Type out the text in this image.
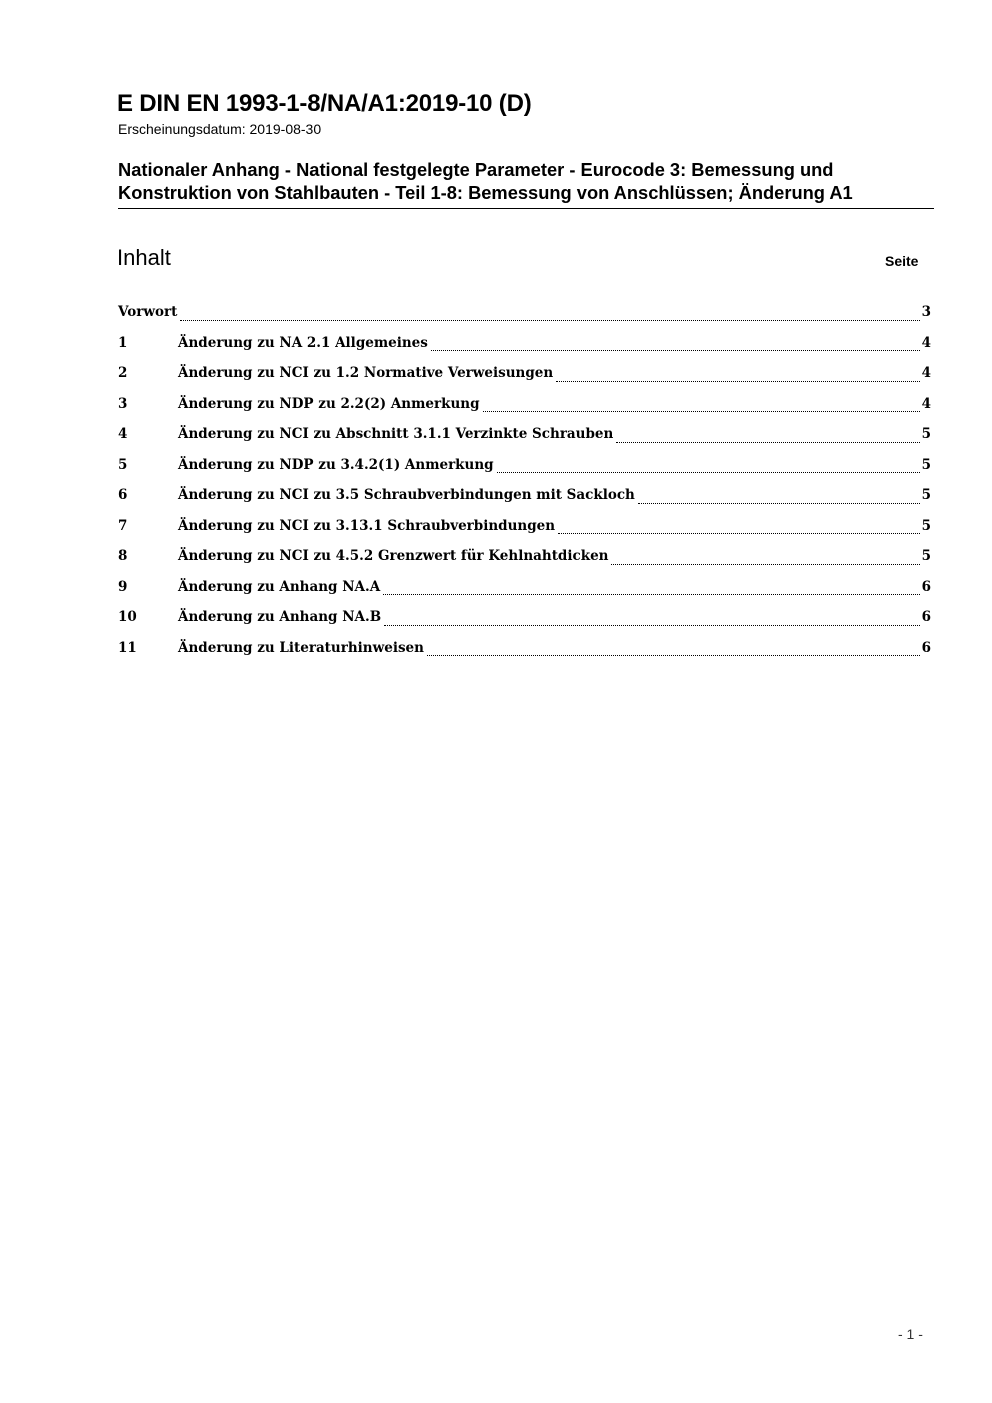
E DIN EN 1993-1-8/NA/A1:2019-10 (D)
Erscheinungsdatum: 2019-08-30
Nationaler Anhang - National festgelegte Parameter - Eurocode 3: Bemessung und
Konstruktion von Stahlbauten - Teil 1-8: Bemessung von Anschlüssen; Änderung A1
Inhalt	Seite
Vorwort	3
1	Änderung zu NA 2.1 Allgemeines	4
2	Änderung zu NCI zu 1.2 Normative Verweisungen	4
3	Änderung zu NDP zu 2.2(2) Anmerkung	4
4	Änderung zu NCI zu Abschnitt 3.1.1 Verzinkte Schrauben	5
5	Änderung zu NDP zu 3.4.2(1) Anmerkung	5
6	Änderung zu NCI zu 3.5 Schraubverbindungen mit Sackloch	5
7	Änderung zu NCI zu 3.13.1 Schraubverbindungen	5
8	Änderung zu NCI zu 4.5.2 Grenzwert für Kehlnahtdicken	5
9	Änderung zu Anhang NA.A	6
10	Änderung zu Anhang NA.B	6
11	Änderung zu Literaturhinweisen	6
- 1 -
